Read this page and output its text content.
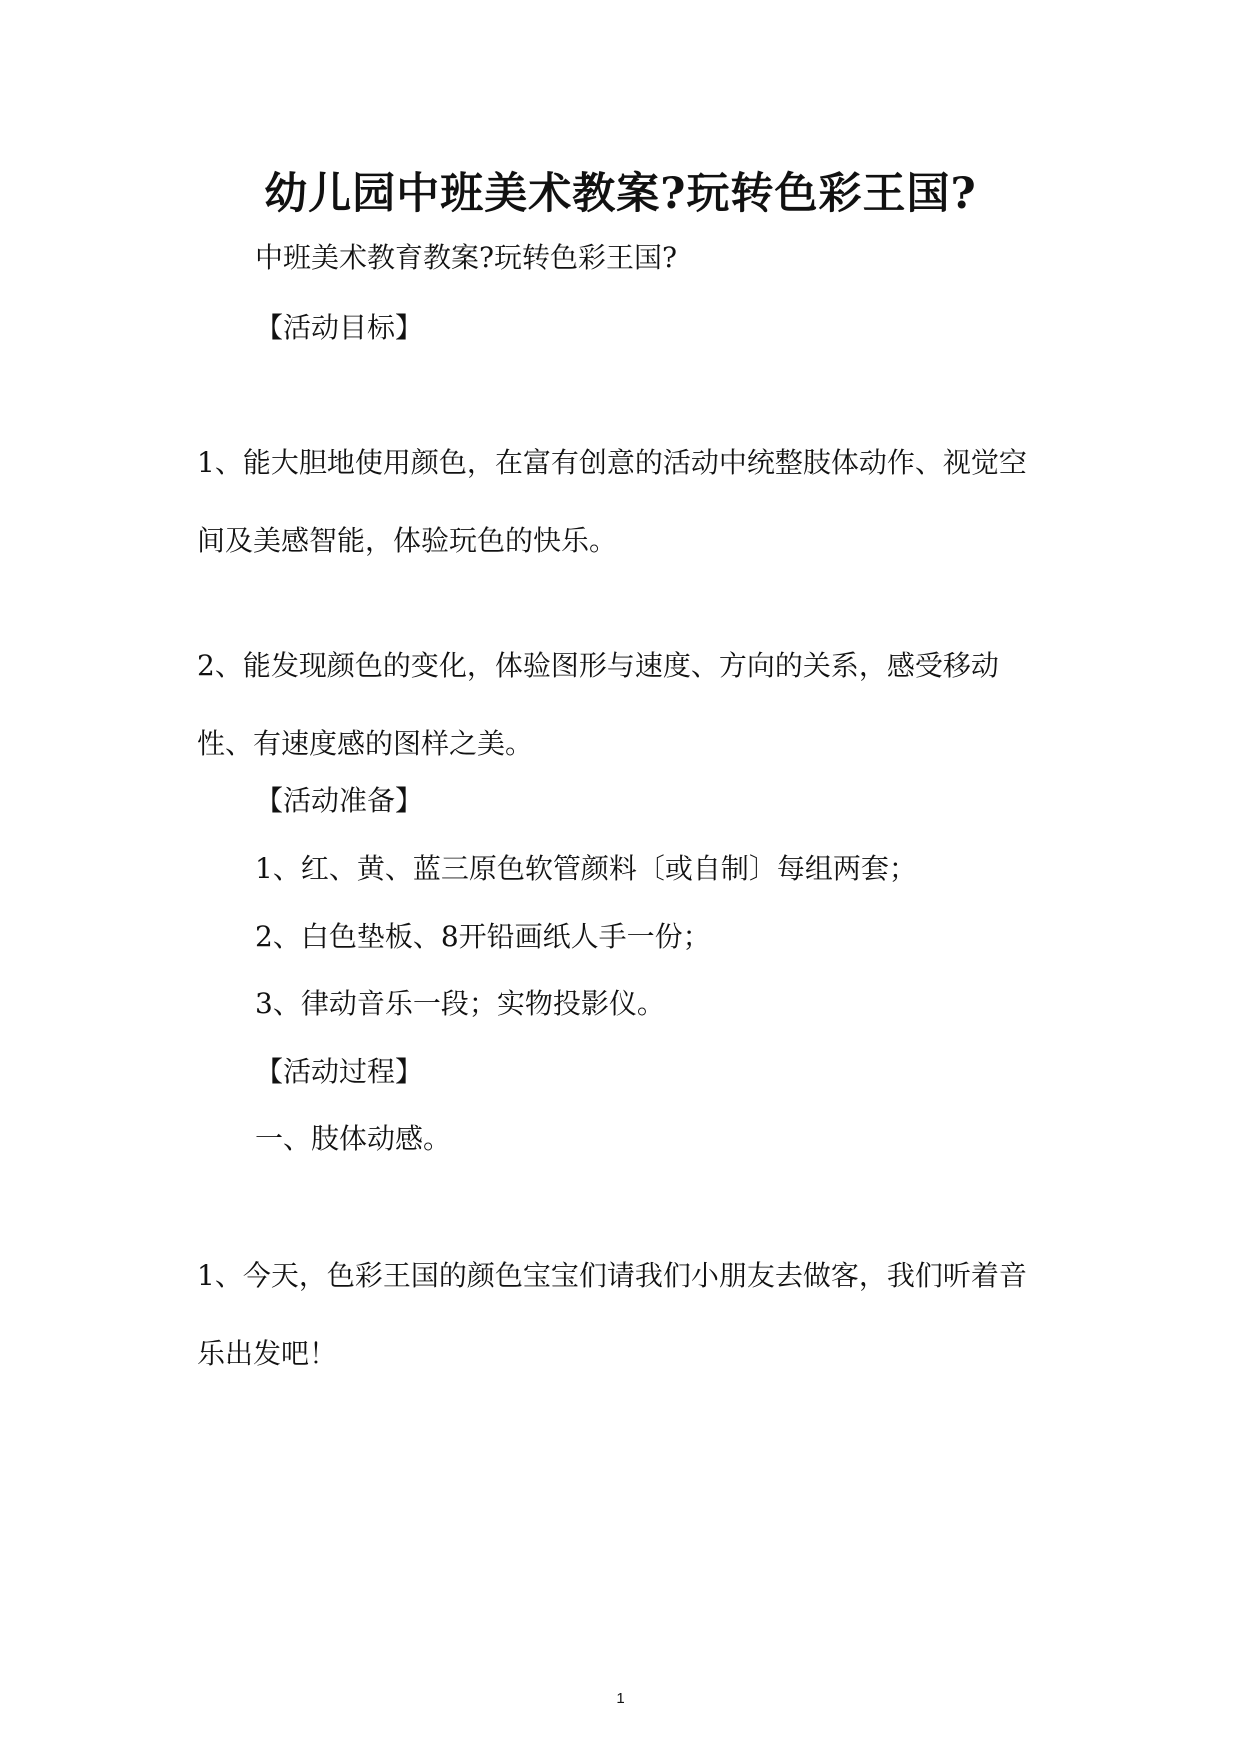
幼儿园中班美术教案?玩转色彩王国?
中班美术教育教案?玩转色彩王国?
【活动目标】
1、能大胆地使用颜色，在富有创意的活动中统整肢体动作、视觉空间及美感智能，体验玩色的快乐。
2、能发现颜色的变化，体验图形与速度、方向的关系，感受移动性、有速度感的图样之美。
【活动准备】
1、红、黄、蓝三原色软管颜料〔或自制〕每组两套；
2、白色垫板、8开铅画纸人手一份；
3、律动音乐一段；实物投影仪。
【活动过程】
一、肢体动感。
1、今天，色彩王国的颜色宝宝们请我们小朋友去做客，我们听着音乐出发吧！
1
